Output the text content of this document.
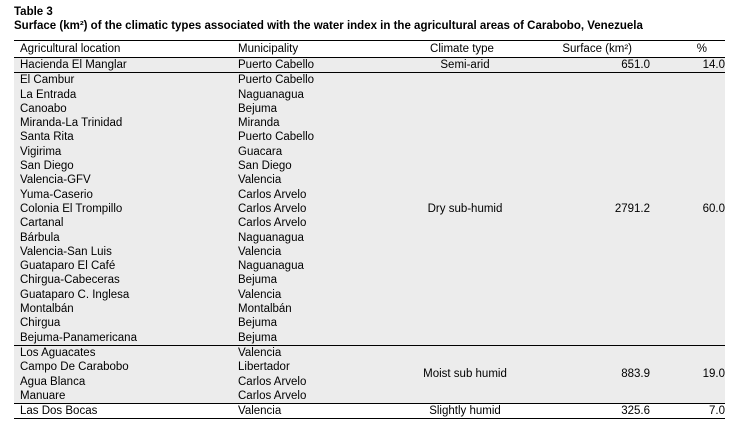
Table 3
Surface (km²) of the climatic types associated with the water index in the agricultural areas of Carabobo, Venezuela
Agricultural location	Municipality	Climate type	Surface (km²)	%
Hacienda El Manglar	Puerto Cabello	Semi-arid	651.0	14.0
El Cambur	Puerto Cabello	Dry sub-humid	2791.2	60.0
La Entrada	Naguanagua			
Canoabo	Bejuma			
Miranda-La Trinidad	Miranda			
Santa Rita	Puerto Cabello			
Vigirima	Guacara			
San Diego	San Diego			
Valencia-GFV	Valencia			
Yuma-Caserio	Carlos Arvelo			
Colonia El Trompillo	Carlos Arvelo			
Cartanal	Carlos Arvelo			
Bárbula	Naguanagua			
Valencia-San Luis	Valencia			
Guataparo El Café	Naguanagua			
Chirgua-Cabeceras	Bejuma			
Guataparo C. Inglesa	Valencia			
Montalbán	Montalbán			
Chirgua	Bejuma			
Bejuma-Panamericana	Bejuma			
Los Aguacates	Valencia	Moist sub humid	883.9	19.0
Campo De Carabobo	Libertador			
Agua Blanca	Carlos Arvelo			
Manuare	Carlos Arvelo			
Las Dos Bocas	Valencia	Slightly humid	325.6	7.0
